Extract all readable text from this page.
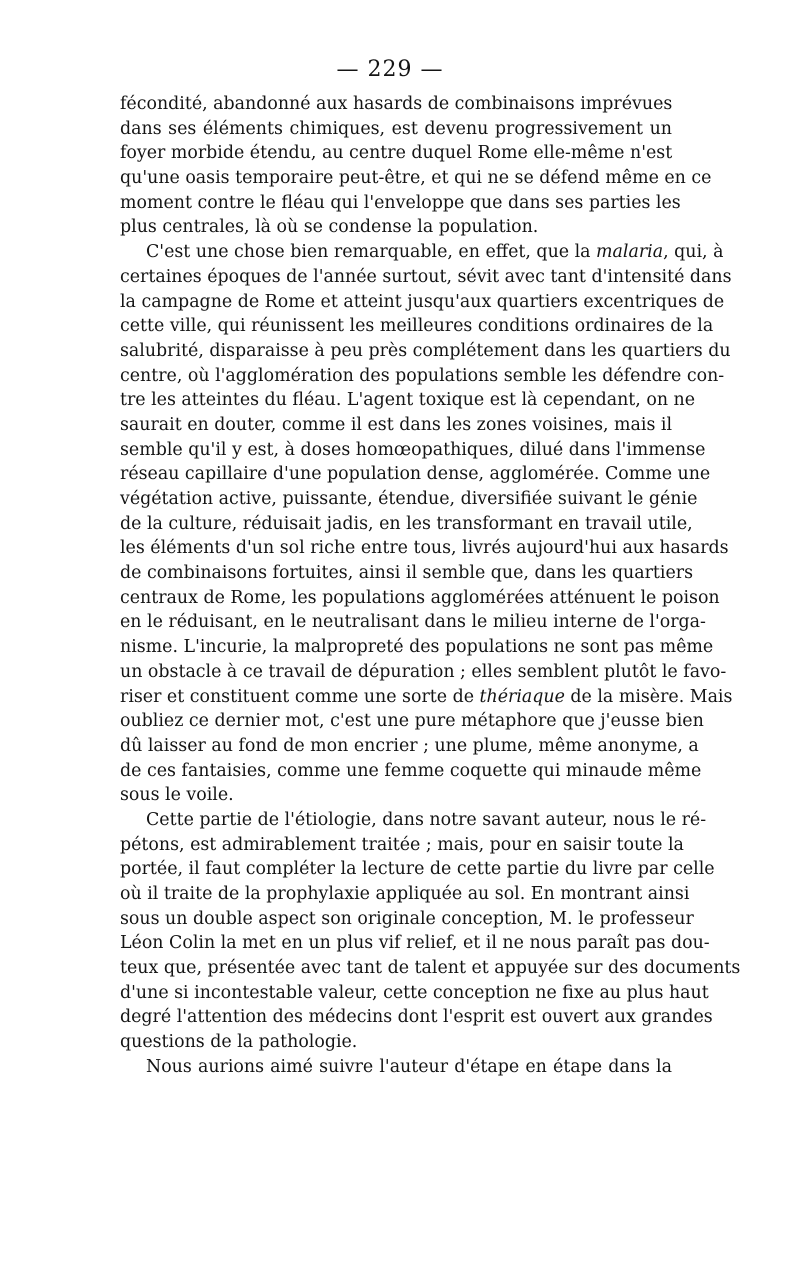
— 229 —
fécondité, abandonné aux hasards de combinaisons imprévues
dans ses éléments chimiques, est devenu progressivement un
foyer morbide étendu, au centre duquel Rome elle-même n'est
qu'une oasis temporaire peut-être, et qui ne se défend même en ce
moment contre le fléau qui l'enveloppe que dans ses parties les
plus centrales, là où se condense la population.
C'est une chose bien remarquable, en effet, que la malaria, qui, à
certaines époques de l'année surtout, sévit avec tant d'intensité dans
la campagne de Rome et atteint jusqu'aux quartiers excentriques de
cette ville, qui réunissent les meilleures conditions ordinaires de la
salubrité, disparaisse à peu près complétement dans les quartiers du
centre, où l'agglomération des populations semble les défendre con-
tre les atteintes du fléau. L'agent toxique est là cependant, on ne
saurait en douter, comme il est dans les zones voisines, mais il
semble qu'il y est, à doses homœopathiques, dilué dans l'immense
réseau capillaire d'une population dense, agglomérée. Comme une
végétation active, puissante, étendue, diversifiée suivant le génie
de la culture, réduisait jadis, en les transformant en travail utile,
les éléments d'un sol riche entre tous, livrés aujourd'hui aux hasards
de combinaisons fortuites, ainsi il semble que, dans les quartiers
centraux de Rome, les populations agglomérées atténuent le poison
en le réduisant, en le neutralisant dans le milieu interne de l'orga-
nisme. L'incurie, la malpropreté des populations ne sont pas même
un obstacle à ce travail de dépuration ; elles semblent plutôt le favo-
riser et constituent comme une sorte de thériaque de la misère. Mais
oubliez ce dernier mot, c'est une pure métaphore que j'eusse bien
dû laisser au fond de mon encrier ; une plume, même anonyme, a
de ces fantaisies, comme une femme coquette qui minaude même
sous le voile.
Cette partie de l'étiologie, dans notre savant auteur, nous le ré-
pétons, est admirablement traitée ; mais, pour en saisir toute la
portée, il faut compléter la lecture de cette partie du livre par celle
où il traite de la prophylaxie appliquée au sol. En montrant ainsi
sous un double aspect son originale conception, M. le professeur
Léon Colin la met en un plus vif relief, et il ne nous paraît pas dou-
teux que, présentée avec tant de talent et appuyée sur des documents
d'une si incontestable valeur, cette conception ne fixe au plus haut
degré l'attention des médecins dont l'esprit est ouvert aux grandes
questions de la pathologie.
Nous aurions aimé suivre l'auteur d'étape en étape dans la
